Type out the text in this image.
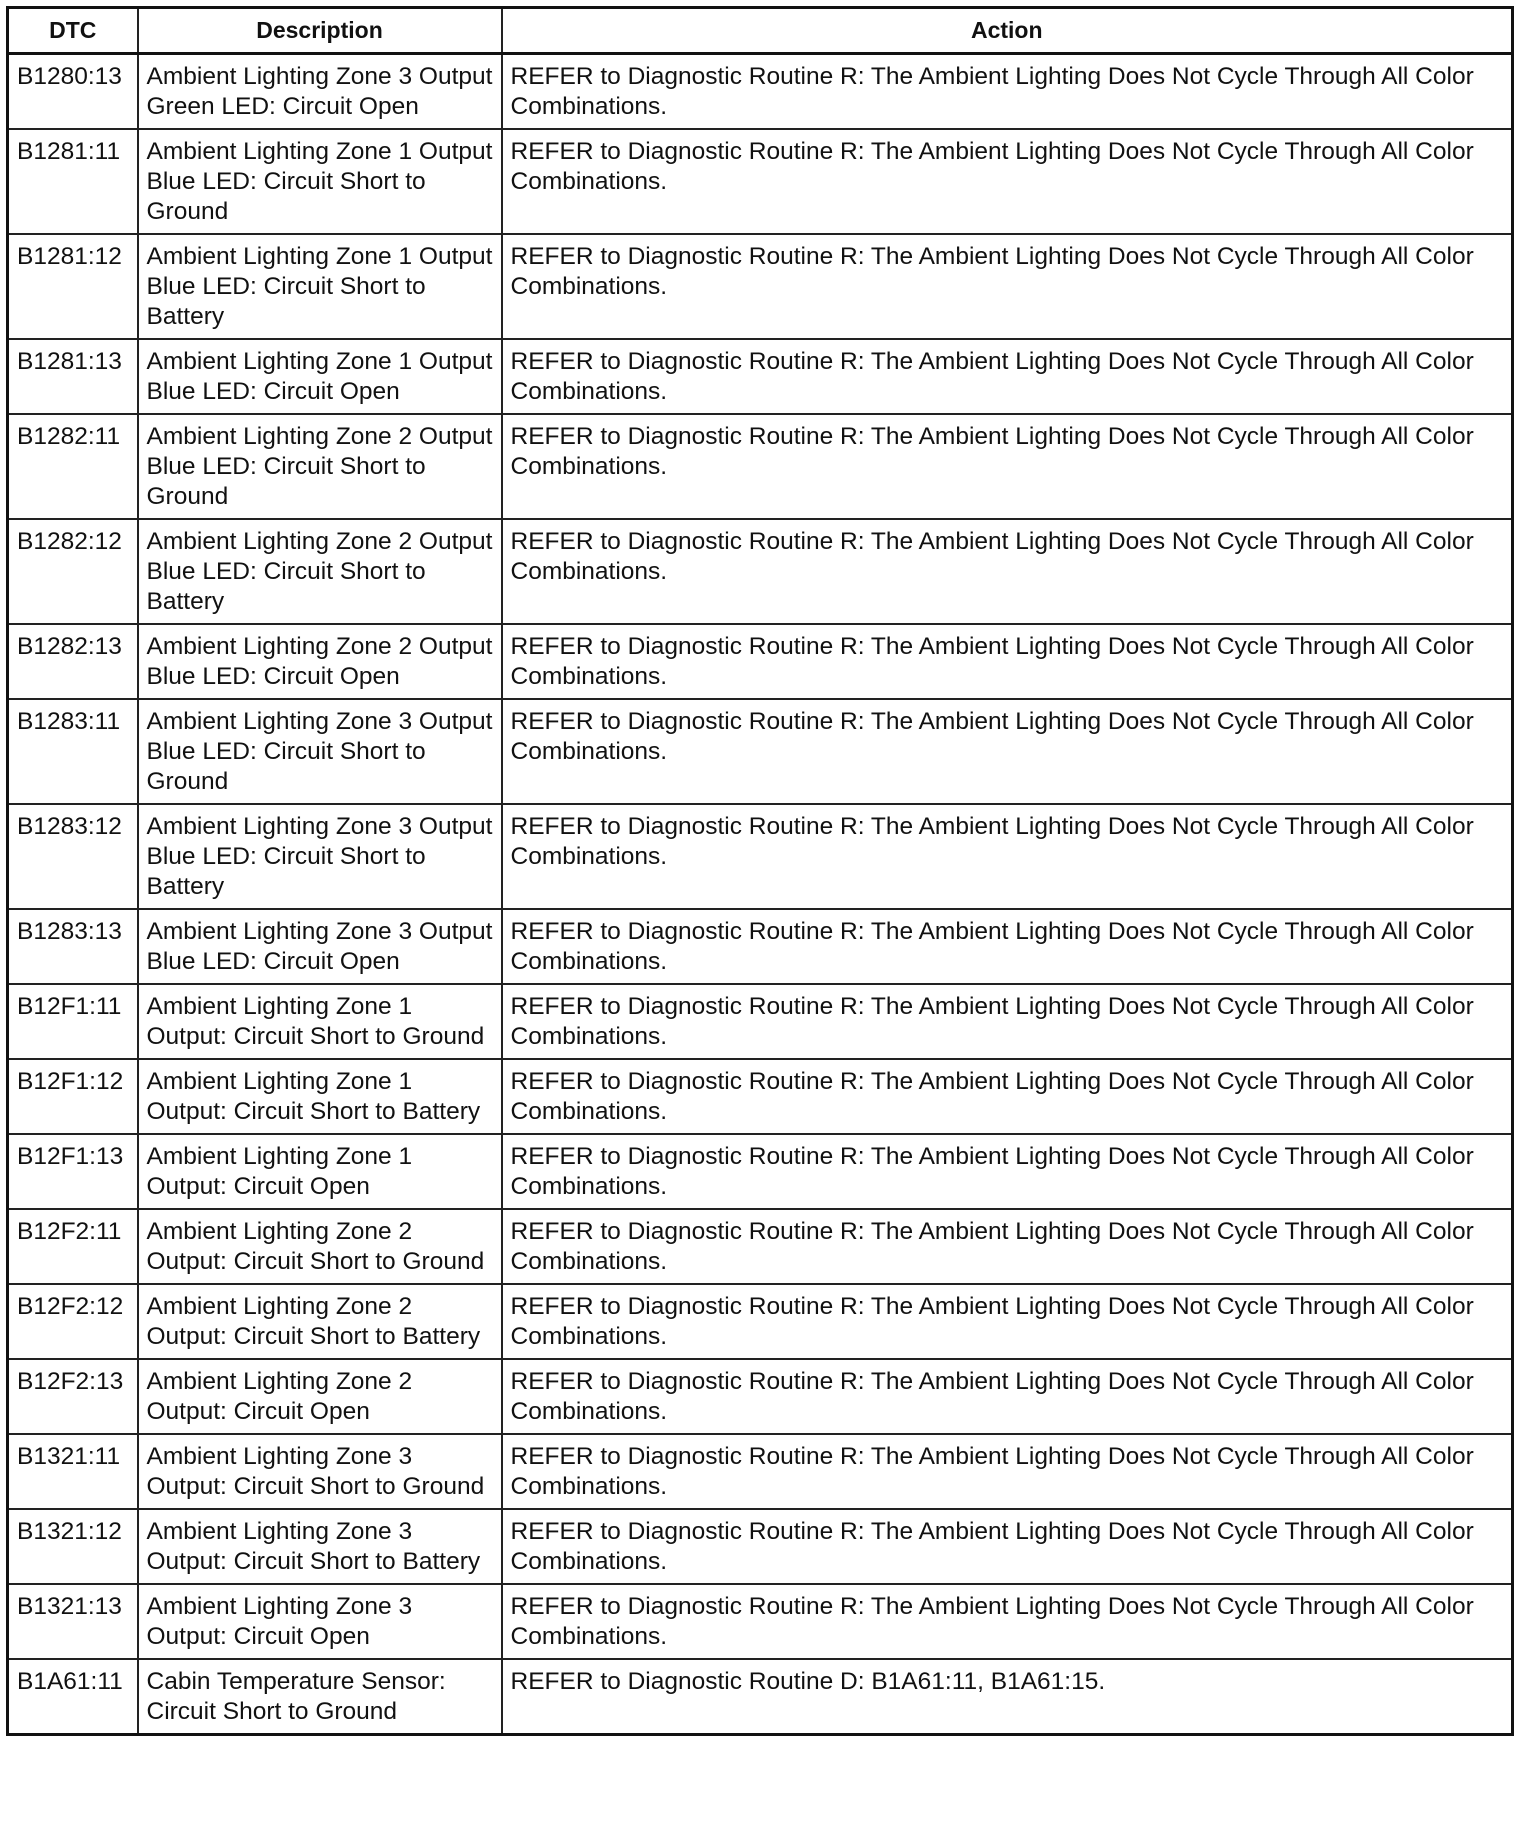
DTC	Description	Action
B1280:13	Ambient Lighting Zone 3 Output Green LED: Circuit Open	REFER to Diagnostic Routine R: The Ambient Lighting Does Not Cycle Through All Color Combinations.
B1281:11	Ambient Lighting Zone 1 Output Blue LED: Circuit Short to Ground	REFER to Diagnostic Routine R: The Ambient Lighting Does Not Cycle Through All Color Combinations.
B1281:12	Ambient Lighting Zone 1 Output Blue LED: Circuit Short to Battery	REFER to Diagnostic Routine R: The Ambient Lighting Does Not Cycle Through All Color Combinations.
B1281:13	Ambient Lighting Zone 1 Output Blue LED: Circuit Open	REFER to Diagnostic Routine R: The Ambient Lighting Does Not Cycle Through All Color Combinations.
B1282:11	Ambient Lighting Zone 2 Output Blue LED: Circuit Short to Ground	REFER to Diagnostic Routine R: The Ambient Lighting Does Not Cycle Through All Color Combinations.
B1282:12	Ambient Lighting Zone 2 Output Blue LED: Circuit Short to Battery	REFER to Diagnostic Routine R: The Ambient Lighting Does Not Cycle Through All Color Combinations.
B1282:13	Ambient Lighting Zone 2 Output Blue LED: Circuit Open	REFER to Diagnostic Routine R: The Ambient Lighting Does Not Cycle Through All Color Combinations.
B1283:11	Ambient Lighting Zone 3 Output Blue LED: Circuit Short to Ground	REFER to Diagnostic Routine R: The Ambient Lighting Does Not Cycle Through All Color Combinations.
B1283:12	Ambient Lighting Zone 3 Output Blue LED: Circuit Short to Battery	REFER to Diagnostic Routine R: The Ambient Lighting Does Not Cycle Through All Color Combinations.
B1283:13	Ambient Lighting Zone 3 Output Blue LED: Circuit Open	REFER to Diagnostic Routine R: The Ambient Lighting Does Not Cycle Through All Color Combinations.
B12F1:11	Ambient Lighting Zone 1 Output: Circuit Short to Ground	REFER to Diagnostic Routine R: The Ambient Lighting Does Not Cycle Through All Color Combinations.
B12F1:12	Ambient Lighting Zone 1 Output: Circuit Short to Battery	REFER to Diagnostic Routine R: The Ambient Lighting Does Not Cycle Through All Color Combinations.
B12F1:13	Ambient Lighting Zone 1 Output: Circuit Open	REFER to Diagnostic Routine R: The Ambient Lighting Does Not Cycle Through All Color Combinations.
B12F2:11	Ambient Lighting Zone 2 Output: Circuit Short to Ground	REFER to Diagnostic Routine R: The Ambient Lighting Does Not Cycle Through All Color Combinations.
B12F2:12	Ambient Lighting Zone 2 Output: Circuit Short to Battery	REFER to Diagnostic Routine R: The Ambient Lighting Does Not Cycle Through All Color Combinations.
B12F2:13	Ambient Lighting Zone 2 Output: Circuit Open	REFER to Diagnostic Routine R: The Ambient Lighting Does Not Cycle Through All Color Combinations.
B1321:11	Ambient Lighting Zone 3 Output: Circuit Short to Ground	REFER to Diagnostic Routine R: The Ambient Lighting Does Not Cycle Through All Color Combinations.
B1321:12	Ambient Lighting Zone 3 Output: Circuit Short to Battery	REFER to Diagnostic Routine R: The Ambient Lighting Does Not Cycle Through All Color Combinations.
B1321:13	Ambient Lighting Zone 3 Output: Circuit Open	REFER to Diagnostic Routine R: The Ambient Lighting Does Not Cycle Through All Color Combinations.
B1A61:11	Cabin Temperature Sensor: Circuit Short to Ground	REFER to Diagnostic Routine D: B1A61:11, B1A61:15.
